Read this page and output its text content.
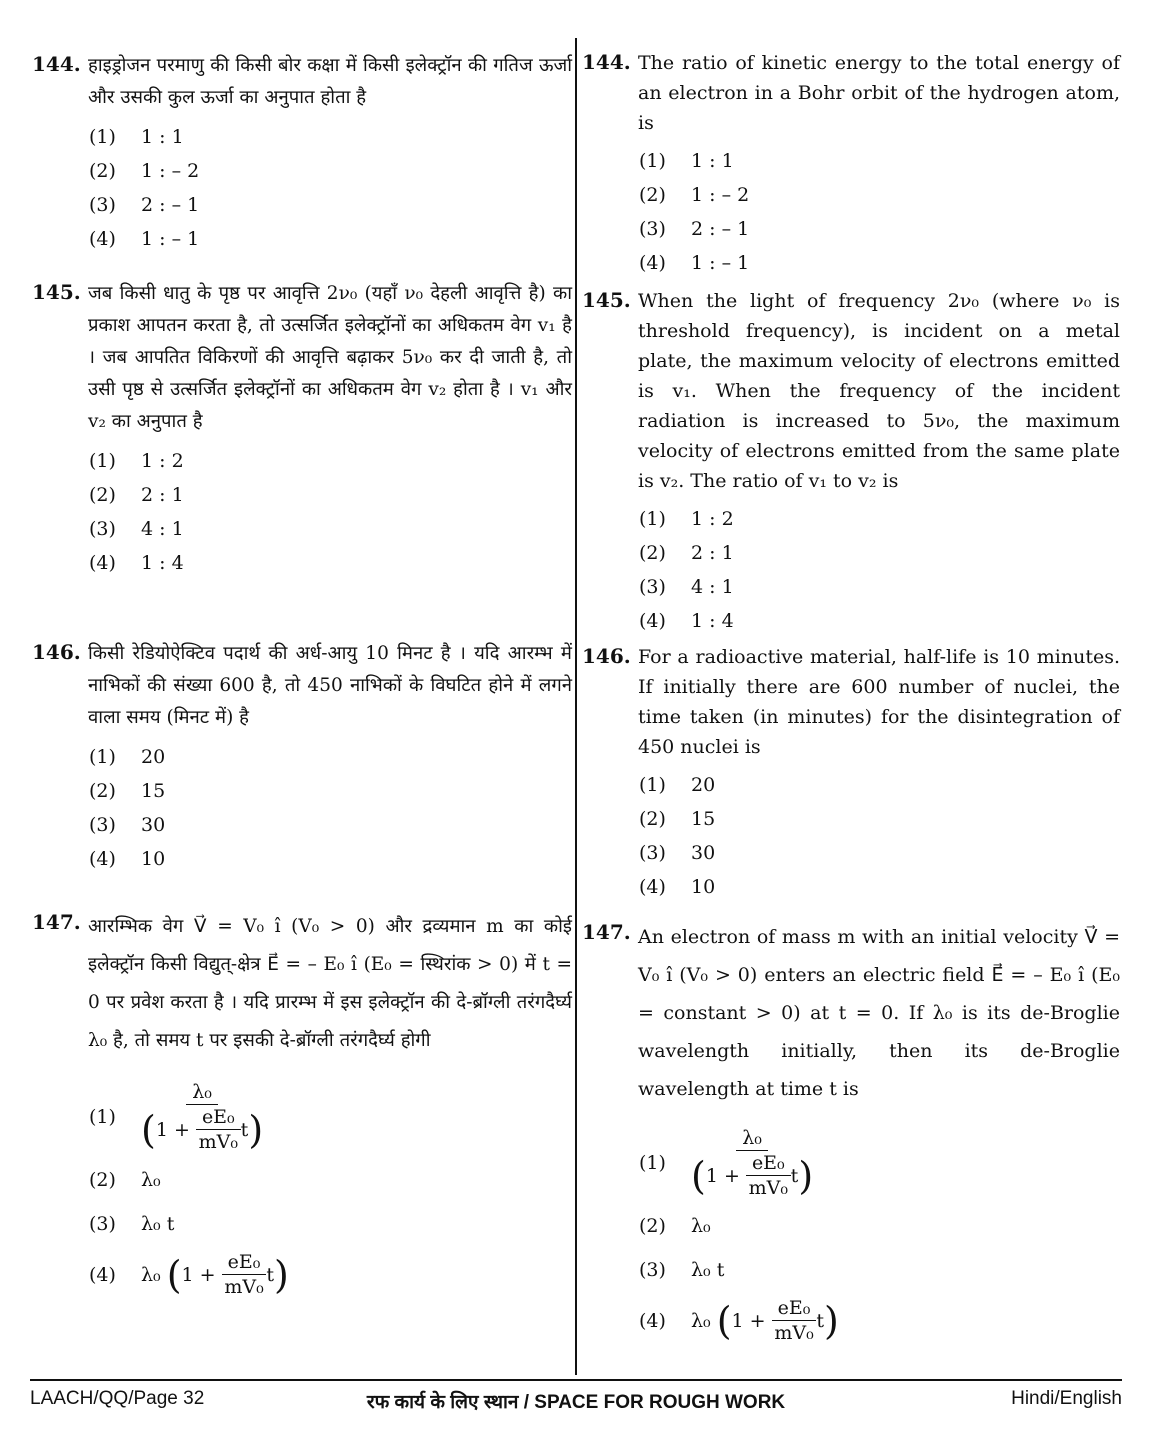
144. हाइड्रोजन परमाणु की किसी बोर कक्षा में किसी इलेक्ट्रॉन की गतिज ऊर्जा और उसकी कुल ऊर्जा का अनुपात होता है
(1)	1 : 1
(2)	1 : – 2
(3)	2 : – 1
(4)	1 : – 1
145. जब किसी धातु के पृष्ठ पर आवृत्ति 2ν₀ (यहाँ ν₀ देहली आवृत्ति है) का प्रकाश आपतन करता है, तो उत्सर्जित इलेक्ट्रॉनों का अधिकतम वेग v₁ है । जब आपतित विकिरणों की आवृत्ति बढ़ाकर 5ν₀ कर दी जाती है, तो उसी पृष्ठ से उत्सर्जित इलेक्ट्रॉनों का अधिकतम वेग v₂ होता है । v₁ और v₂ का अनुपात है
(1)	1 : 2
(2)	2 : 1
(3)	4 : 1
(4)	1 : 4
146. किसी रेडियोऐक्टिव पदार्थ की अर्ध-आयु 10 मिनट है । यदि आरम्भ में नाभिकों की संख्या 600 है, तो 450 नाभिकों के विघटित होने में लगने वाला समय (मिनट में) है
(1)	20
(2)	15
(3)	30
(4)	10
147. आरम्भिक वेग V⃗ = V₀ î (V₀ > 0) और द्रव्यमान m का कोई इलेक्ट्रॉन किसी विद्युत्-क्षेत्र E⃗ = – E₀ î (E₀ = स्थिरांक > 0) में t = 0 पर प्रवेश करता है । यदि प्रारम्भ में इस इलेक्ट्रॉन की दे-ब्रॉग्ली तरंगदैर्घ्य λ₀ है, तो समय t पर इसकी दे-ब्रॉग्ली तरंगदैर्घ्य होगी
(1)
λ₀
( 1 +
$\frac{\text{eE₀}}{\text{mV₀}}$ t )
(2)	λ₀
(3)	λ₀ t
(4)	λ₀
( 1 +
$\frac{\text{eE₀}}{\text{mV₀}}$ t )
144. The ratio of kinetic energy to the total energy of an electron in a Bohr orbit of the hydrogen atom, is
(1)	1 : 1
(2)	1 : – 2
(3)	2 : – 1
(4)	1 : – 1
145. When the light of frequency 2ν₀ (where ν₀ is threshold frequency), is incident on a metal plate, the maximum velocity of electrons emitted is v₁. When the frequency of the incident radiation is increased to 5ν₀, the maximum velocity of electrons emitted from the same plate is v₂. The ratio of v₁ to v₂ is
(1)	1 : 2
(2)	2 : 1
(3)	4 : 1
(4)	1 : 4
146. For a radioactive material, half-life is 10 minutes. If initially there are 600 number of nuclei, the time taken (in minutes) for the disintegration of 450 nuclei is
(1)	20
(2)	15
(3)	30
(4)	10
147. An electron of mass m with an initial velocity V⃗ = V₀ î (V₀ > 0) enters an electric field E⃗ = – E₀ î (E₀ = constant > 0) at t = 0. If λ₀ is its de-Broglie wavelength initially, then its de-Broglie wavelength at time t is
(1)
λ₀
( 1 +
$\frac{\text{eE₀}}{\text{mV₀}}$ t )
(2)	λ₀
(3)	λ₀ t
(4)	λ₀
( 1 +
$\frac{\text{eE₀}}{\text{mV₀}}$ t )
LAACH/QQ/Page 32	रफ कार्य के लिए स्थान / SPACE FOR ROUGH WORK	Hindi/English
